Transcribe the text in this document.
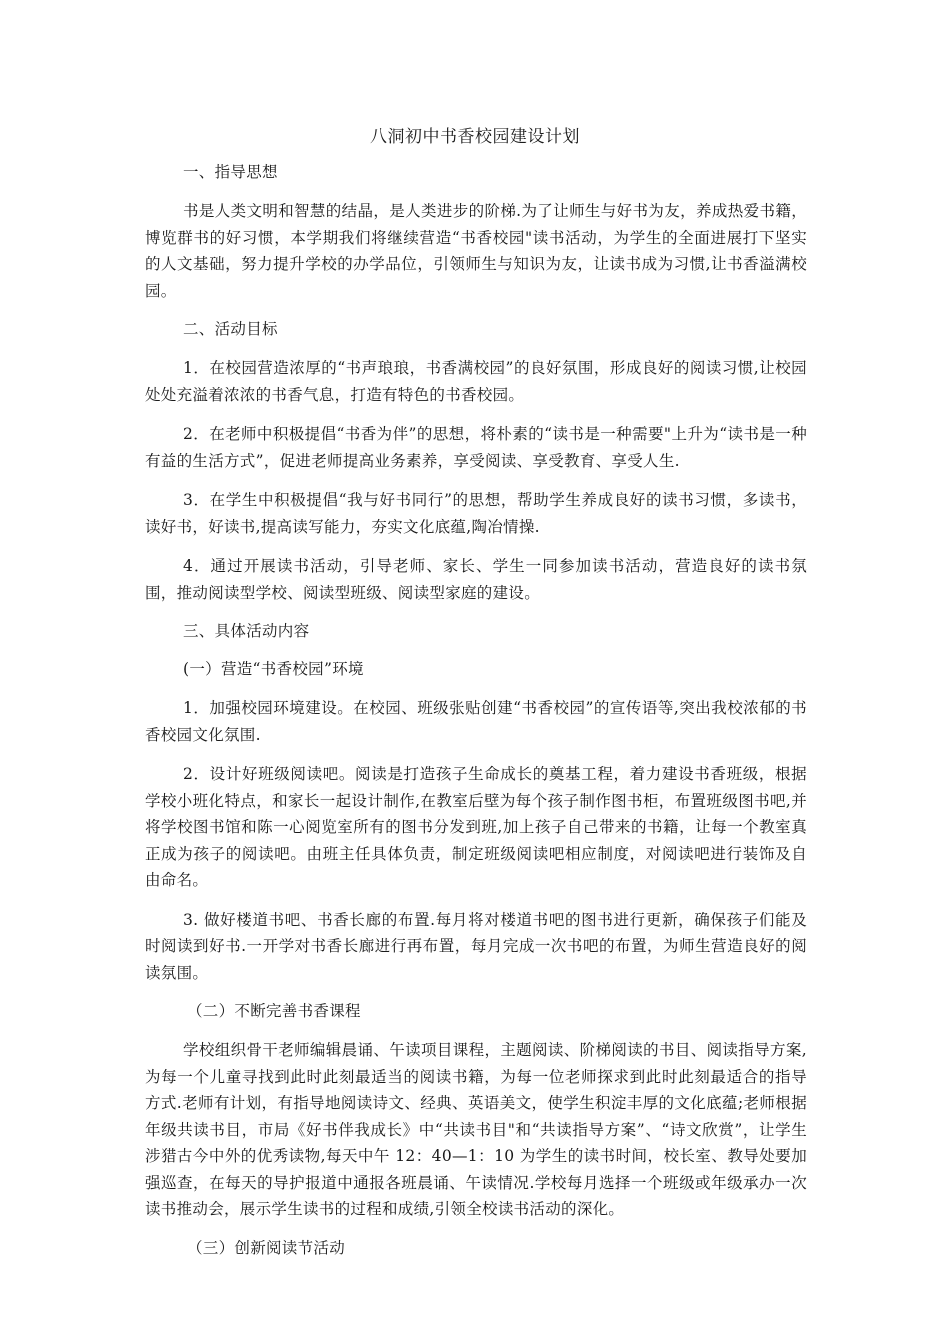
八洞初中书香校园建设计划
一、指导思想
书是人类文明和智慧的结晶，是人类进步的阶梯.为了让师生与好书为友，养成热爱书籍，博览群书的好习惯，本学期我们将继续营造“书香校园"读书活动，为学生的全面进展打下坚实的人文基础，努力提升学校的办学品位，引领师生与知识为友，让读书成为习惯,让书香溢满校园。
二、活动目标
1．在校园营造浓厚的“书声琅琅，书香满校园”的良好氛围，形成良好的阅读习惯,让校园处处充溢着浓浓的书香气息，打造有特色的书香校园。
2．在老师中积极提倡“书香为伴”的思想，将朴素的“读书是一种需要"上升为“读书是一种有益的生活方式”，促进老师提高业务素养，享受阅读、享受教育、享受人生.
3．在学生中积极提倡“我与好书同行”的思想，帮助学生养成良好的读书习惯，多读书，读好书，好读书,提高读写能力，夯实文化底蕴,陶冶情操.
4．通过开展读书活动，引导老师、家长、学生一同参加读书活动，营造良好的读书氛围，推动阅读型学校、阅读型班级、阅读型家庭的建设。
三、具体活动内容
(一）营造“书香校园”环境
1．加强校园环境建设。在校园、班级张贴创建“书香校园”的宣传语等,突出我校浓郁的书香校园文化氛围.
2．设计好班级阅读吧。阅读是打造孩子生命成长的奠基工程，着力建设书香班级，根据学校小班化特点，和家长一起设计制作,在教室后壁为每个孩子制作图书柜，布置班级图书吧,并将学校图书馆和陈一心阅览室所有的图书分发到班,加上孩子自己带来的书籍，让每一个教室真正成为孩子的阅读吧。由班主任具体负责，制定班级阅读吧相应制度，对阅读吧进行装饰及自由命名。
3. 做好楼道书吧、书香长廊的布置.每月将对楼道书吧的图书进行更新，确保孩子们能及时阅读到好书.一开学对书香长廊进行再布置，每月完成一次书吧的布置，为师生营造良好的阅读氛围。
（二）不断完善书香课程
学校组织骨干老师编辑晨诵、午读项目课程，主题阅读、阶梯阅读的书目、阅读指导方案,为每一个儿童寻找到此时此刻最适当的阅读书籍，为每一位老师探求到此时此刻最适合的指导方式.老师有计划，有指导地阅读诗文、经典、英语美文，使学生积淀丰厚的文化底蕴;老师根据年级共读书目，市局《好书伴我成长》中“共读书目"和“共读指导方案”、“诗文欣赏”，让学生涉猎古今中外的优秀读物,每天中午 12：40—1：10 为学生的读书时间，校长室、教导处要加强巡查，在每天的导护报道中通报各班晨诵、午读情况.学校每月选择一个班级或年级承办一次读书推动会，展示学生读书的过程和成绩,引领全校读书活动的深化。
（三）创新阅读节活动
